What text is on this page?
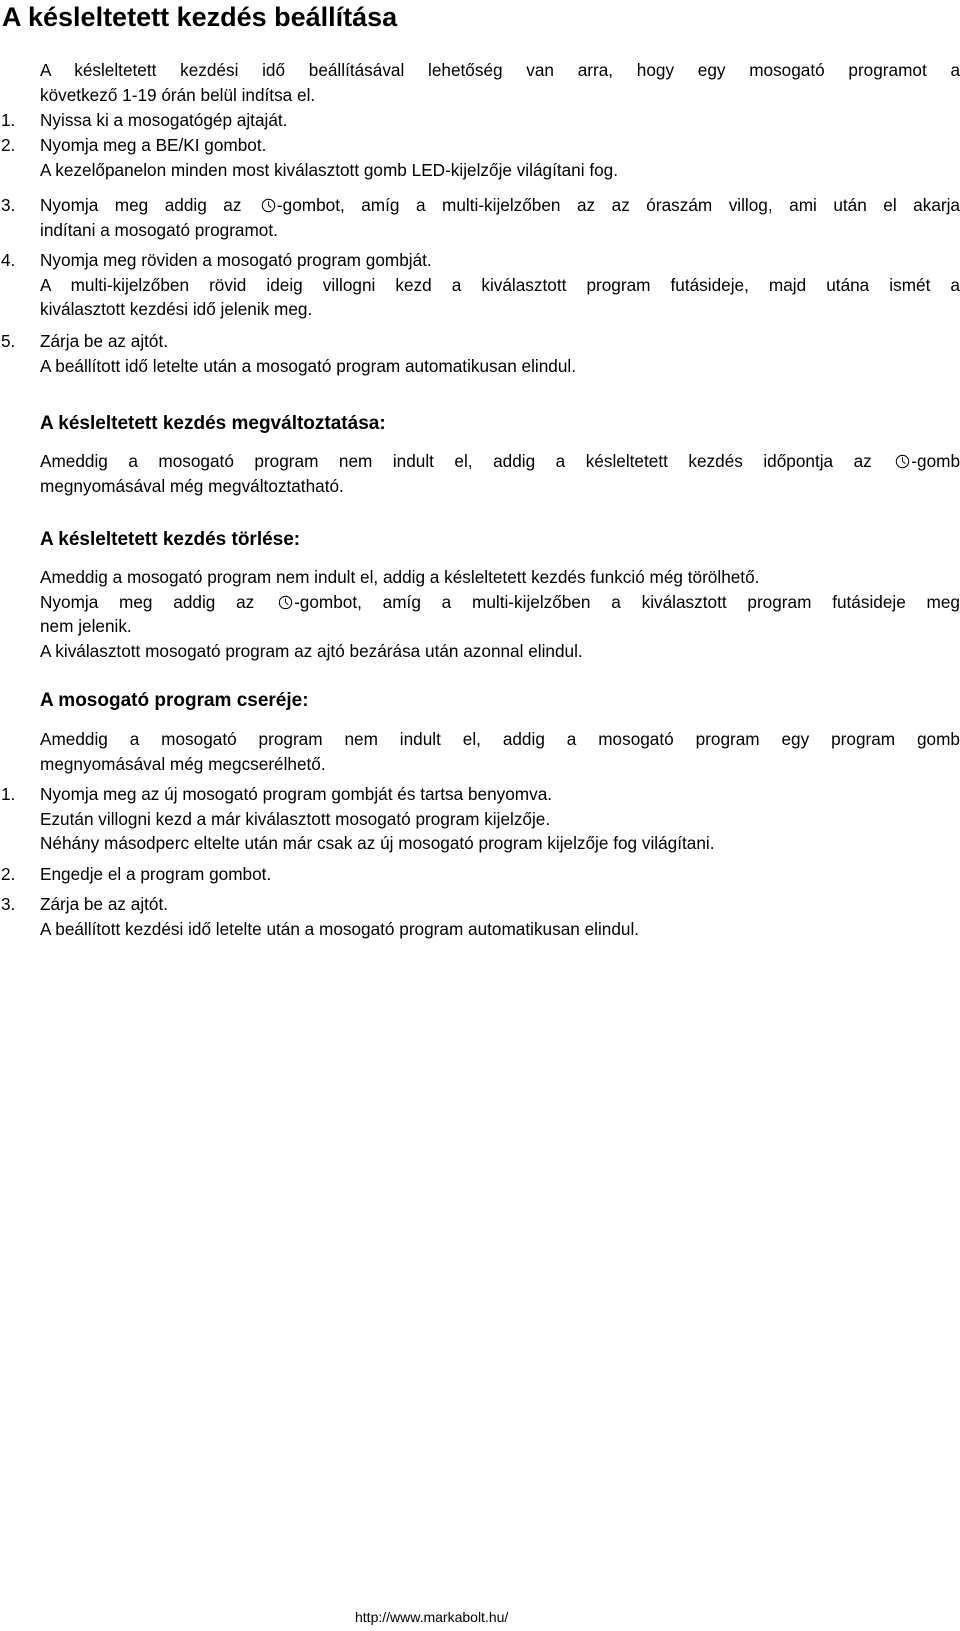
A késleltetett kezdés beállítása
A késleltetett kezdési idő beállításával lehetőség van arra, hogy egy mosogató programot a
következő 1-19 órán belül indítsa el.
1. Nyissa ki a mosogatógép ajtaját.
2. Nyomja meg a BE/KI gombot.
A kezelőpanelon minden most kiválasztott gomb LED-kijelzője világítani fog.
3. Nyomja meg addig az -gombot, amíg a multi-kijelzőben az az óraszám villog, ami után el akarja
indítani a mosogató programot.
4. Nyomja meg röviden a mosogató program gombját.
A multi-kijelzőben rövid ideig villogni kezd a kiválasztott program futásideje, majd utána ismét a
kiválasztott kezdési idő jelenik meg.
5. Zárja be az ajtót.
A beállított idő letelte után a mosogató program automatikusan elindul.
A késleltetett kezdés megváltoztatása:
Ameddig a mosogató program nem indult el, addig a késleltetett kezdés időpontja az -gomb
megnyomásával még megváltoztatható.
A késleltetett kezdés törlése:
Ameddig a mosogató program nem indult el, addig a késleltetett kezdés funkció még törölhető.
Nyomja meg addig az -gombot, amíg a multi-kijelzőben a kiválasztott program futásideje meg
nem jelenik.
A kiválasztott mosogató program az ajtó bezárása után azonnal elindul.
A mosogató program cseréje:
Ameddig a mosogató program nem indult el, addig a mosogató program egy program gomb
megnyomásával még megcserélhető.
1. Nyomja meg az új mosogató program gombját és tartsa benyomva.
Ezután villogni kezd a már kiválasztott mosogató program kijelzője.
Néhány másodperc eltelte után már csak az új mosogató program kijelzője fog világítani.
2. Engedje el a program gombot.
3. Zárja be az ajtót.
A beállított kezdési idő letelte után a mosogató program automatikusan elindul.
http://www.markabolt.hu/
